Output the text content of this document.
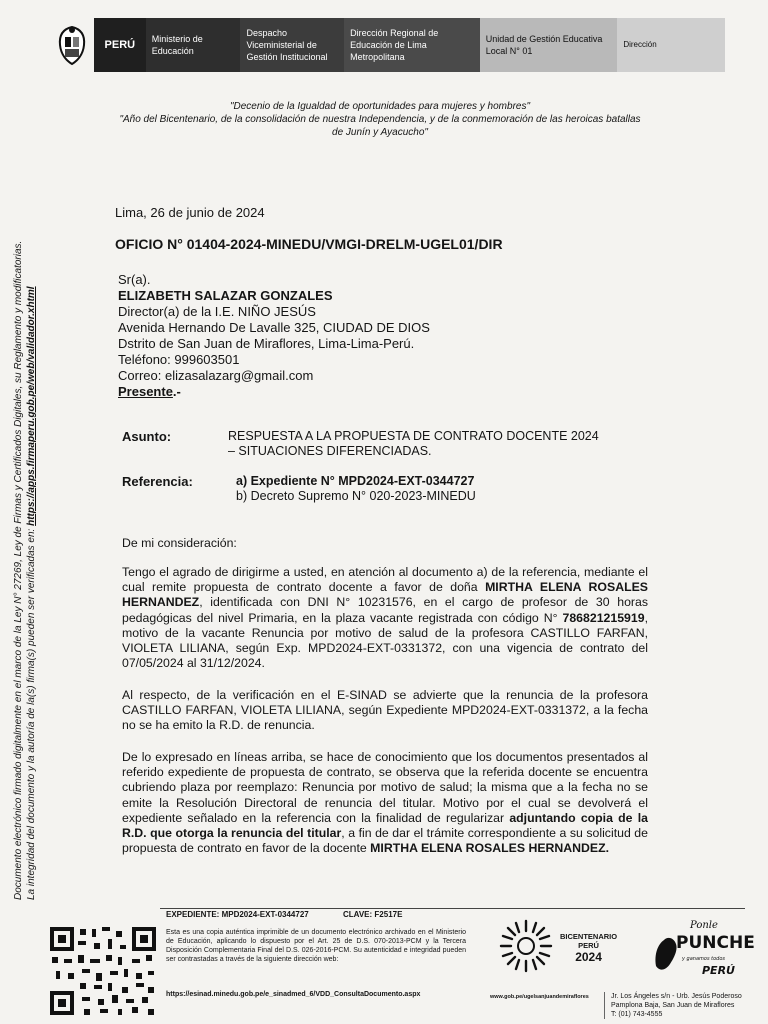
PERÚ	Ministerio de Educación
Despacho Viceministerial de Gestión Institucional
Dirección Regional de Educación de Lima Metropolitana
Unidad de Gestión Educativa Local N° 01
Dirección
"Decenio de la Igualdad de oportunidades para mujeres y hombres"
"Año del Bicentenario, de la consolidación de nuestra Independencia, y de la conmemoración de las heroicas batallas
de Junín y Ayacucho"
Documento electrónico firmado digitalmente en el marco de la Ley N° 27269, Ley de Firmas y Certificados Digitales, su Reglamento y modificatorias. La integridad del documento y la autoría de la(s) firma(s) pueden ser verificadas en: https://apps.firmaperu.gob.pe/web/validador.xhtml
Lima, 26 de junio de 2024
OFICIO N° 01404-2024-MINEDU/VMGI-DRELM-UGEL01/DIR
Sr(a).
ELIZABETH SALAZAR GONZALES
Director(a) de la I.E. NIÑO JESÚS
Avenida Hernando De Lavalle 325, CIUDAD DE DIOS
Dstrito de San Juan de Miraflores, Lima-Lima-Perú.
Teléfono: 999603501
Correo: elizasalazarg@gmail.com
Presente.-
Asunto:	RESPUESTA A LA PROPUESTA DE CONTRATO DOCENTE 2024
– SITUACIONES DIFERENCIADAS.
Referencia:	a) Expediente N° MPD2024-EXT-0344727
b) Decreto Supremo N° 020-2023-MINEDU
De mi consideración:
Tengo el agrado de dirigirme a usted, en atención al documento a) de la referencia, mediante el cual remite propuesta de contrato docente a favor de doña MIRTHA ELENA ROSALES HERNANDEZ, identificada con DNI N° 10231576, en el cargo de profesor de 30 horas pedagógicas del nivel Primaria, en la plaza vacante registrada con código N° 786821215919, motivo de la vacante Renuncia por motivo de salud de la profesora CASTILLO FARFAN, VIOLETA LILIANA, según Exp. MPD2024-EXT-0331372, con una vigencia de contrato del 07/05/2024 al 31/12/2024.
Al respecto, de la verificación en el E-SINAD se advierte que la renuncia de la profesora CASTILLO FARFAN, VIOLETA LILIANA, según Expediente MPD2024-EXT-0331372, a la fecha no se ha emito la R.D. de renuncia.
De lo expresado en líneas arriba, se hace de conocimiento que los documentos presentados al referido expediente de propuesta de contrato, se observa que la referida docente se encuentra cubriendo plaza por reemplazo: Renuncia por motivo de salud; la misma que a la fecha no se emite la Resolución Directoral de renuncia del titular. Motivo por el cual se devolverá el expediente señalado en la referencia con la finalidad de regularizar adjuntando copia de la R.D. que otorga la renuncia del titular, a fin de dar el trámite correspondiente a su solicitud de propuesta de contrato en favor de la docente MIRTHA ELENA ROSALES HERNANDEZ.
EXPEDIENTE: MPD2024-EXT-0344727	CLAVE: F2517E
Esta es una copia auténtica imprimible de un documento electrónico archivado en el Ministerio de Educación, aplicando lo dispuesto por el Art. 25 de D.S. 070-2013-PCM y la Tercera Disposición Complementaria Final del D.S. 026-2016-PCM. Su autenticidad e integridad pueden ser contrastadas a través de la siguiente dirección web:
https://esinad.minedu.gob.pe/e_sinadmed_6/VDD_ConsultaDocumento.aspx	www.gob.pe/ugelsanjuandemiraflores
BICENTENARIO
PERÚ
2024
Ponle
PUNCHE
y ganamos todos
PERÚ
Jr. Los Ángeles s/n - Urb. Jesús Poderoso Pamplona Baja, San Juan de Miraflores
T: (01) 743-4555
